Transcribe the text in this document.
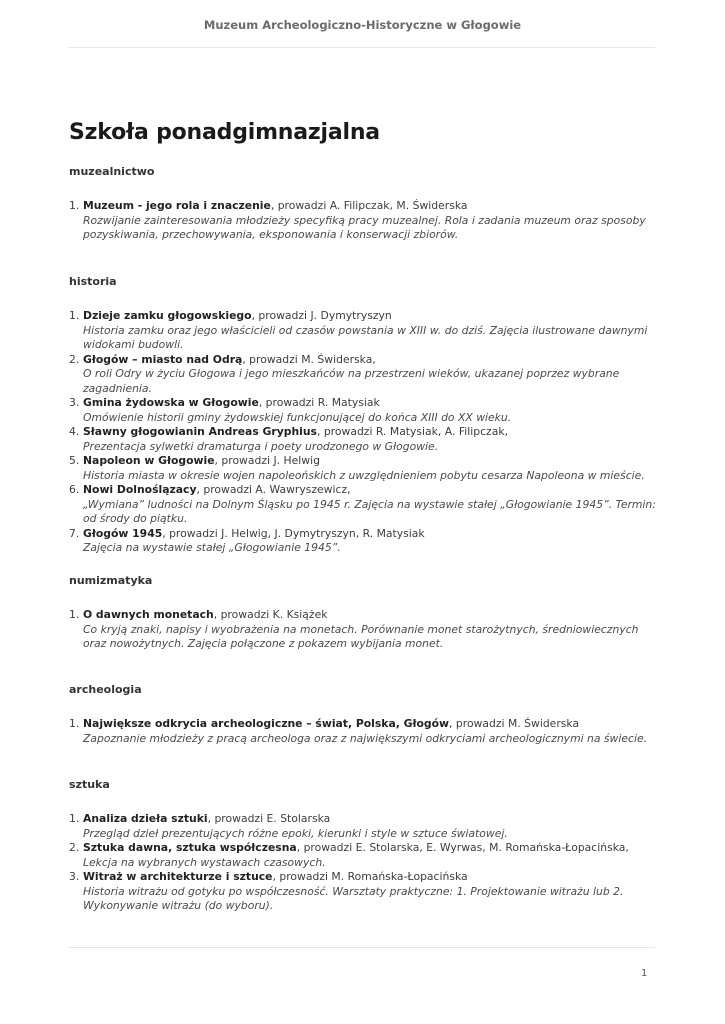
Muzeum Archeologiczno-Historyczne w Głogowie
Szkoła ponadgimnazjalna
muzealnictwo
1. Muzeum - jego rola i znaczenie, prowadzi A. Filipczak, M. Świderska
Rozwijanie zainteresowania młodzieży specyfiką pracy muzealnej. Rola i zadania muzeum oraz sposoby pozyskiwania, przechowywania, eksponowania i konserwacji zbiorów.
historia
1. Dzieje zamku głogowskiego, prowadzi J. Dymytryszyn
Historia zamku oraz jego właścicieli od czasów powstania w XIII w. do dziś. Zajęcia ilustrowane dawnymi widokami budowli.
2. Głogów – miasto nad Odrą, prowadzi M. Świderska,
O roli Odry w życiu Głogowa i jego mieszkańców na przestrzeni wieków, ukazanej poprzez wybrane zagadnienia.
3. Gmina żydowska w Głogowie, prowadzi R. Matysiak
Omówienie historii gminy żydowskiej funkcjonującej do końca XIII do XX wieku.
4. Sławny głogowianin Andreas Gryphius, prowadzi R. Matysiak, A. Filipczak,
Prezentacja sylwetki dramaturga i poety urodzonego w Głogowie.
5. Napoleon w Głogowie, prowadzi J. Helwig
Historia miasta w okresie wojen napoleońskich z uwzględnieniem pobytu cesarza Napoleona w mieście.
6. Nowi Dolnoślązacy, prowadzi A. Wawryszewicz,
„Wymiana” ludności na Dolnym Śląsku po 1945 r. Zajęcia na wystawie stałej „Głogowianie 1945”. Termin: od środy do piątku.
7. Głogów 1945, prowadzi J. Helwig, J. Dymytryszyn, R. Matysiak
Zajęcia na wystawie stałej „Głogowianie 1945”.
numizmatyka
1. O dawnych monetach, prowadzi K. Książek
Co kryją znaki, napisy i wyobrażenia na monetach. Porównanie monet starożytnych, średniowiecznych oraz nowożytnych. Zajęcia połączone z pokazem wybijania monet.
archeologia
1. Największe odkrycia archeologiczne – świat, Polska, Głogów, prowadzi M. Świderska
Zapoznanie młodzieży z pracą archeologa oraz z największymi odkryciami archeologicznymi na świecie.
sztuka
1. Analiza dzieła sztuki, prowadzi E. Stolarska
Przegląd dzieł prezentujących różne epoki, kierunki i style w sztuce światowej.
2. Sztuka dawna, sztuka współczesna, prowadzi E. Stolarska, E. Wyrwas, M. Romańska-Łopacińska,
Lekcja na wybranych wystawach czasowych.
3. Witraż w architekturze i sztuce, prowadzi M. Romańska-Łopacińska
Historia witrażu od gotyku po współczesność. Warsztaty praktyczne: 1. Projektowanie witrażu lub 2. Wykonywanie witrażu (do wyboru).
1
